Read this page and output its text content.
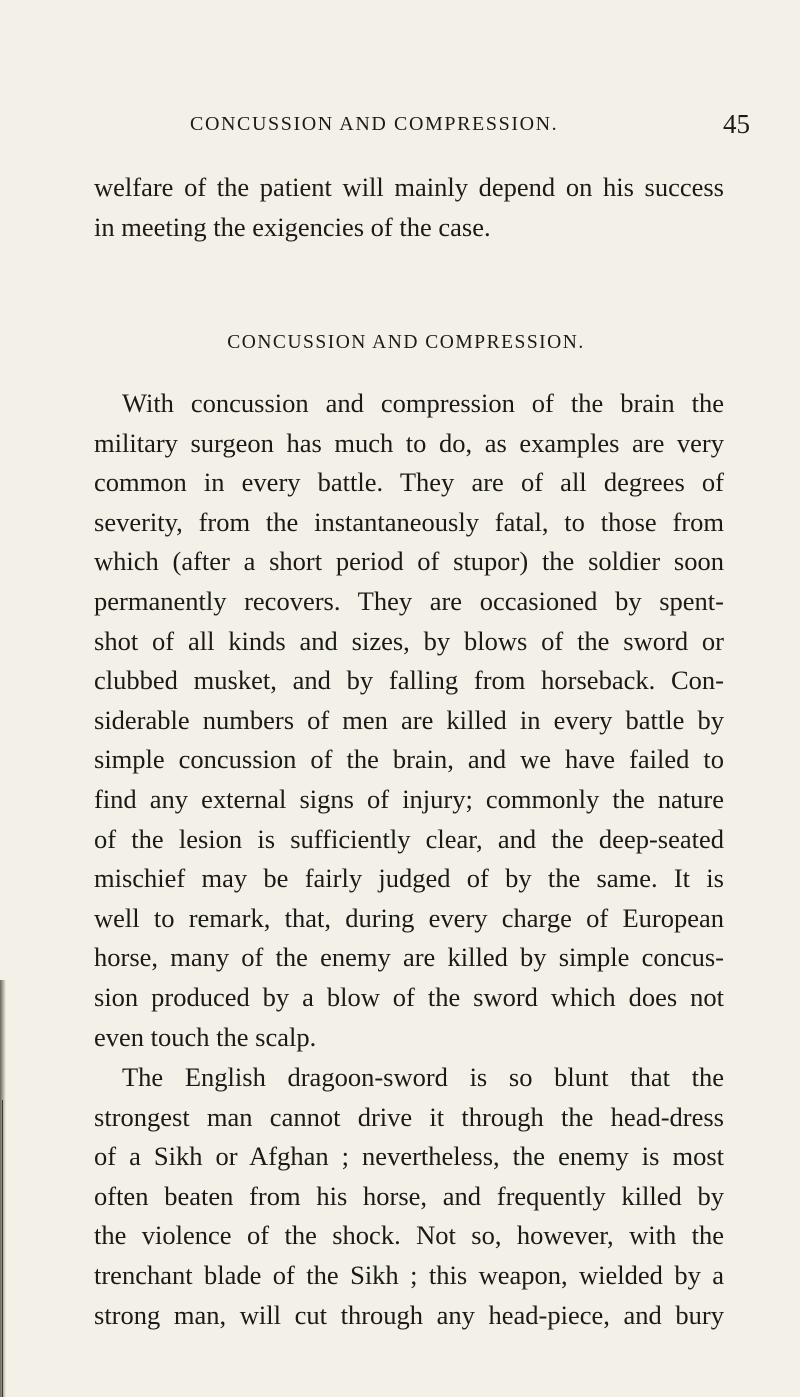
CONCUSSION AND COMPRESSION.	45
welfare of the patient will mainly depend on his success
in meeting the exigencies of the case.
CONCUSSION AND COMPRESSION.
With concussion and compression of the brain the
military surgeon has much to do, as examples are very
common in every battle. They are of all degrees of
severity, from the instantaneously fatal, to those from
which (after a short period of stupor) the soldier soon
permanently recovers. They are occasioned by spent-
shot of all kinds and sizes, by blows of the sword or
clubbed musket, and by falling from horseback. Con-
siderable numbers of men are killed in every battle by
simple concussion of the brain, and we have failed to
find any external signs of injury; commonly the nature
of the lesion is sufficiently clear, and the deep-seated
mischief may be fairly judged of by the same. It is
well to remark, that, during every charge of European
horse, many of the enemy are killed by simple concus-
sion produced by a blow of the sword which does not
even touch the scalp.
The English dragoon-sword is so blunt that the
strongest man cannot drive it through the head-dress
of a Sikh or Afghan ; nevertheless, the enemy is most
often beaten from his horse, and frequently killed by
the violence of the shock. Not so, however, with the
trenchant blade of the Sikh ; this weapon, wielded by a
strong man, will cut through any head-piece, and bury
